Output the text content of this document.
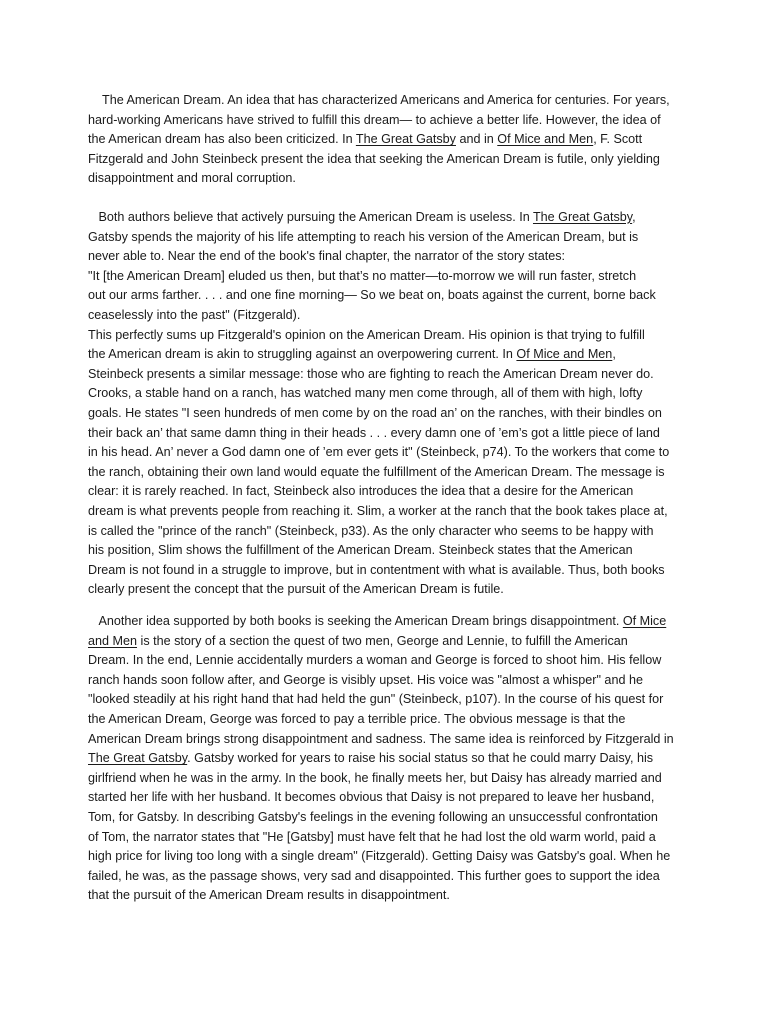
The American Dream. An idea that has characterized Americans and America for centuries. For years,
hard-working Americans have strived to fulfill this dream— to achieve a better life. However, the idea of
the American dream has also been criticized. In The Great Gatsby and in Of Mice and Men, F. Scott
Fitzgerald and John Steinbeck present the idea that seeking the American Dream is futile, only yielding
disappointment and moral corruption.
Both authors believe that actively pursuing the American Dream is useless. In The Great Gatsby,
Gatsby spends the majority of his life attempting to reach his version of the American Dream, but is
never able to. Near the end of the book's final chapter, the narrator of the story states:
"It [the American Dream] eluded us then, but that’s no matter—to-morrow we will run faster, stretch
out our arms farther. . . . and one fine morning— So we beat on, boats against the current, borne back
ceaselessly into the past" (Fitzgerald).
This perfectly sums up Fitzgerald's opinion on the American Dream. His opinion is that trying to fulfill
the American dream is akin to struggling against an overpowering current. In Of Mice and Men,
Steinbeck presents a similar message: those who are fighting to reach the American Dream never do.
Crooks, a stable hand on a ranch, has watched many men come through, all of them with high, lofty
goals. He states "I seen hundreds of men come by on the road an’ on the ranches, with their bindles on
their back an’ that same damn thing in their heads . . . every damn one of ’em’s got a little piece of land
in his head. An’ never a God damn one of ’em ever gets it" (Steinbeck, p74). To the workers that come to
the ranch, obtaining their own land would equate the fulfillment of the American Dream. The message is
clear: it is rarely reached. In fact, Steinbeck also introduces the idea that a desire for the American
dream is what prevents people from reaching it. Slim, a worker at the ranch that the book takes place at,
is called the "prince of the ranch" (Steinbeck, p33). As the only character who seems to be happy with
his position, Slim shows the fulfillment of the American Dream. Steinbeck states that the American
Dream is not found in a struggle to improve, but in contentment with what is available. Thus, both books
clearly present the concept that the pursuit of the American Dream is futile.
Another idea supported by both books is seeking the American Dream brings disappointment. Of Mice
and Men is the story of a section the quest of two men, George and Lennie, to fulfill the American
Dream. In the end, Lennie accidentally murders a woman and George is forced to shoot him. His fellow
ranch hands soon follow after, and George is visibly upset. His voice was "almost a whisper" and he
"looked steadily at his right hand that had held the gun" (Steinbeck, p107). In the course of his quest for
the American Dream, George was forced to pay a terrible price. The obvious message is that the
American Dream brings strong disappointment and sadness. The same idea is reinforced by Fitzgerald in
The Great Gatsby. Gatsby worked for years to raise his social status so that he could marry Daisy, his
girlfriend when he was in the army. In the book, he finally meets her, but Daisy has already married and
started her life with her husband. It becomes obvious that Daisy is not prepared to leave her husband,
Tom, for Gatsby. In describing Gatsby's feelings in the evening following an unsuccessful confrontation
of Tom, the narrator states that "He [Gatsby] must have felt that he had lost the old warm world, paid a
high price for living too long with a single dream" (Fitzgerald). Getting Daisy was Gatsby's goal. When he
failed, he was, as the passage shows, very sad and disappointed. This further goes to support the idea
that the pursuit of the American Dream results in disappointment.
